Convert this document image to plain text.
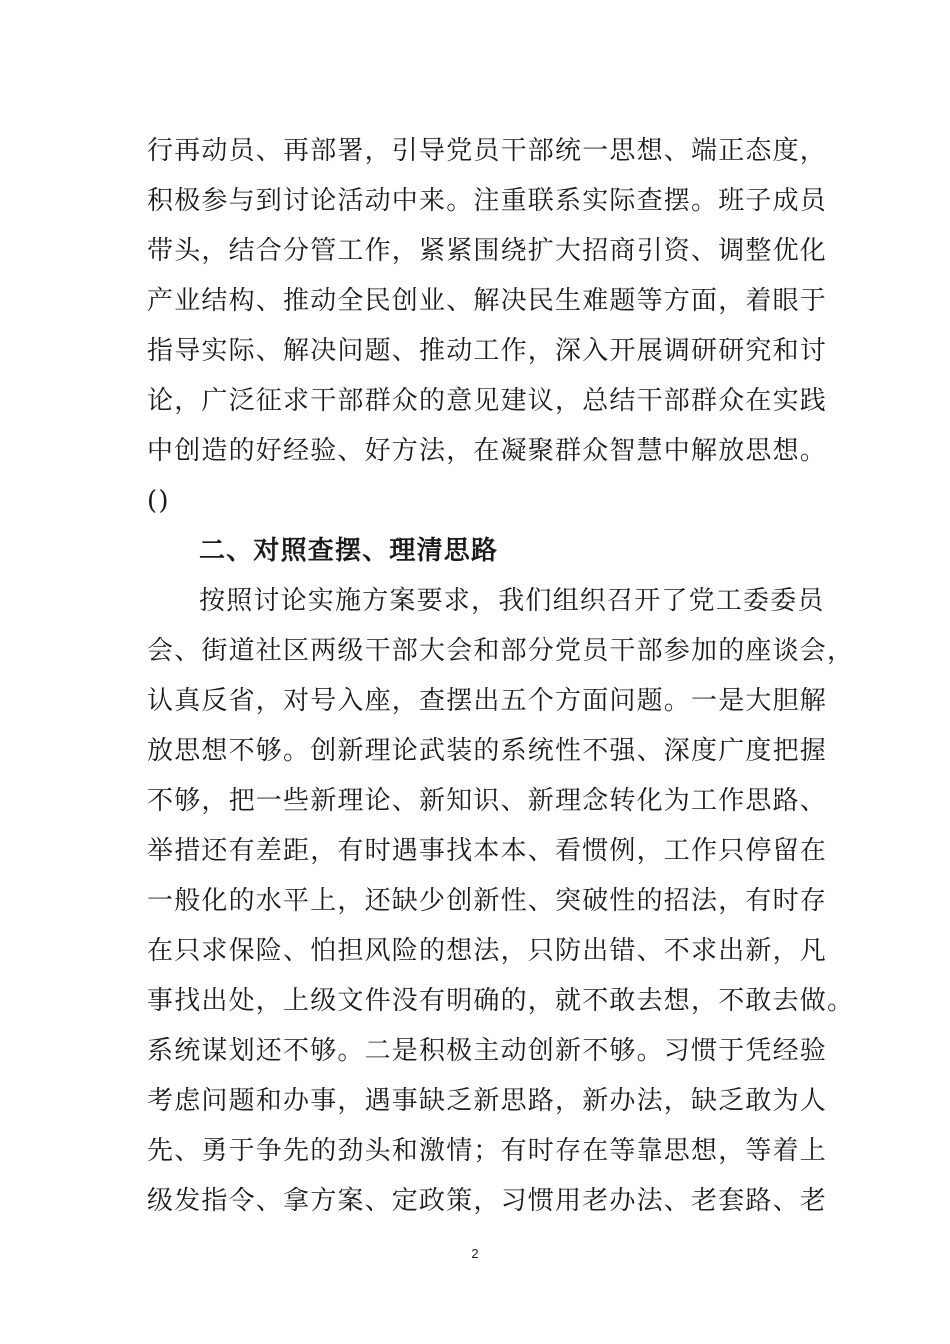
行再动员、再部署，引导党员干部统一思想、端正态度，
积极参与到讨论活动中来。注重联系实际查摆。班子成员
带头，结合分管工作，紧紧围绕扩大招商引资、调整优化
产业结构、推动全民创业、解决民生难题等方面，着眼于
指导实际、解决问题、推动工作，深入开展调研研究和讨
论，广泛征求干部群众的意见建议，总结干部群众在实践
中创造的好经验、好方法，在凝聚群众智慧中解放思想。
()
二、对照查摆、理清思路
按照讨论实施方案要求，我们组织召开了党工委委员
会、街道社区两级干部大会和部分党员干部参加的座谈会，
认真反省，对号入座，查摆出五个方面问题。一是大胆解
放思想不够。创新理论武装的系统性不强、深度广度把握
不够，把一些新理论、新知识、新理念转化为工作思路、
举措还有差距，有时遇事找本本、看惯例，工作只停留在
一般化的水平上，还缺少创新性、突破性的招法，有时存
在只求保险、怕担风险的想法，只防出错、不求出新，凡
事找出处，上级文件没有明确的，就不敢去想，不敢去做。
系统谋划还不够。二是积极主动创新不够。习惯于凭经验
考虑问题和办事，遇事缺乏新思路，新办法，缺乏敢为人
先、勇于争先的劲头和激情；有时存在等靠思想，等着上
级发指令、拿方案、定政策，习惯用老办法、老套路、老
2
